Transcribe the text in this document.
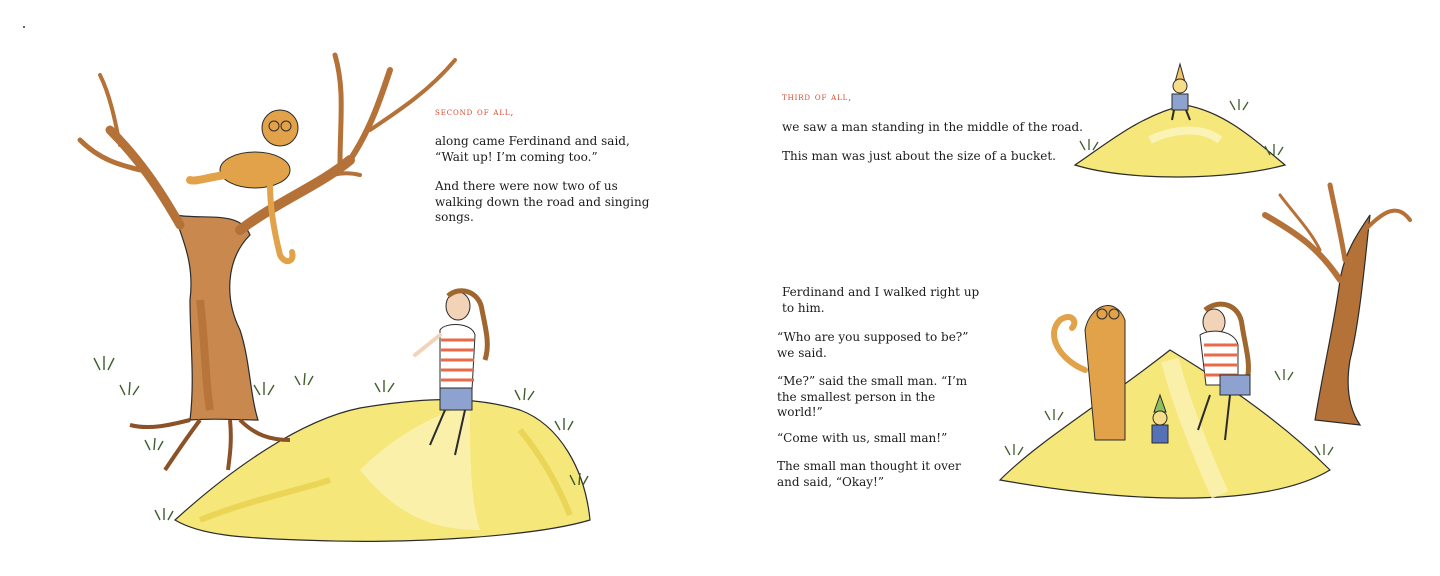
second of all,

along came Ferdinand and said,
“Wait up! I’m coming too.”

And there were now two of us
walking down the road and singing
songs.

third of all,

we saw a man standing in the middle of the road.

This man was just about the size of a bucket.

Ferdinand and I walked right up
to him.

“Who are you supposed to be?”
we said.

“Me?” said the small man. “I’m
the smallest person in the
world!”

“Come with us, small man!”

The small man thought it over
and said, “Okay!”
